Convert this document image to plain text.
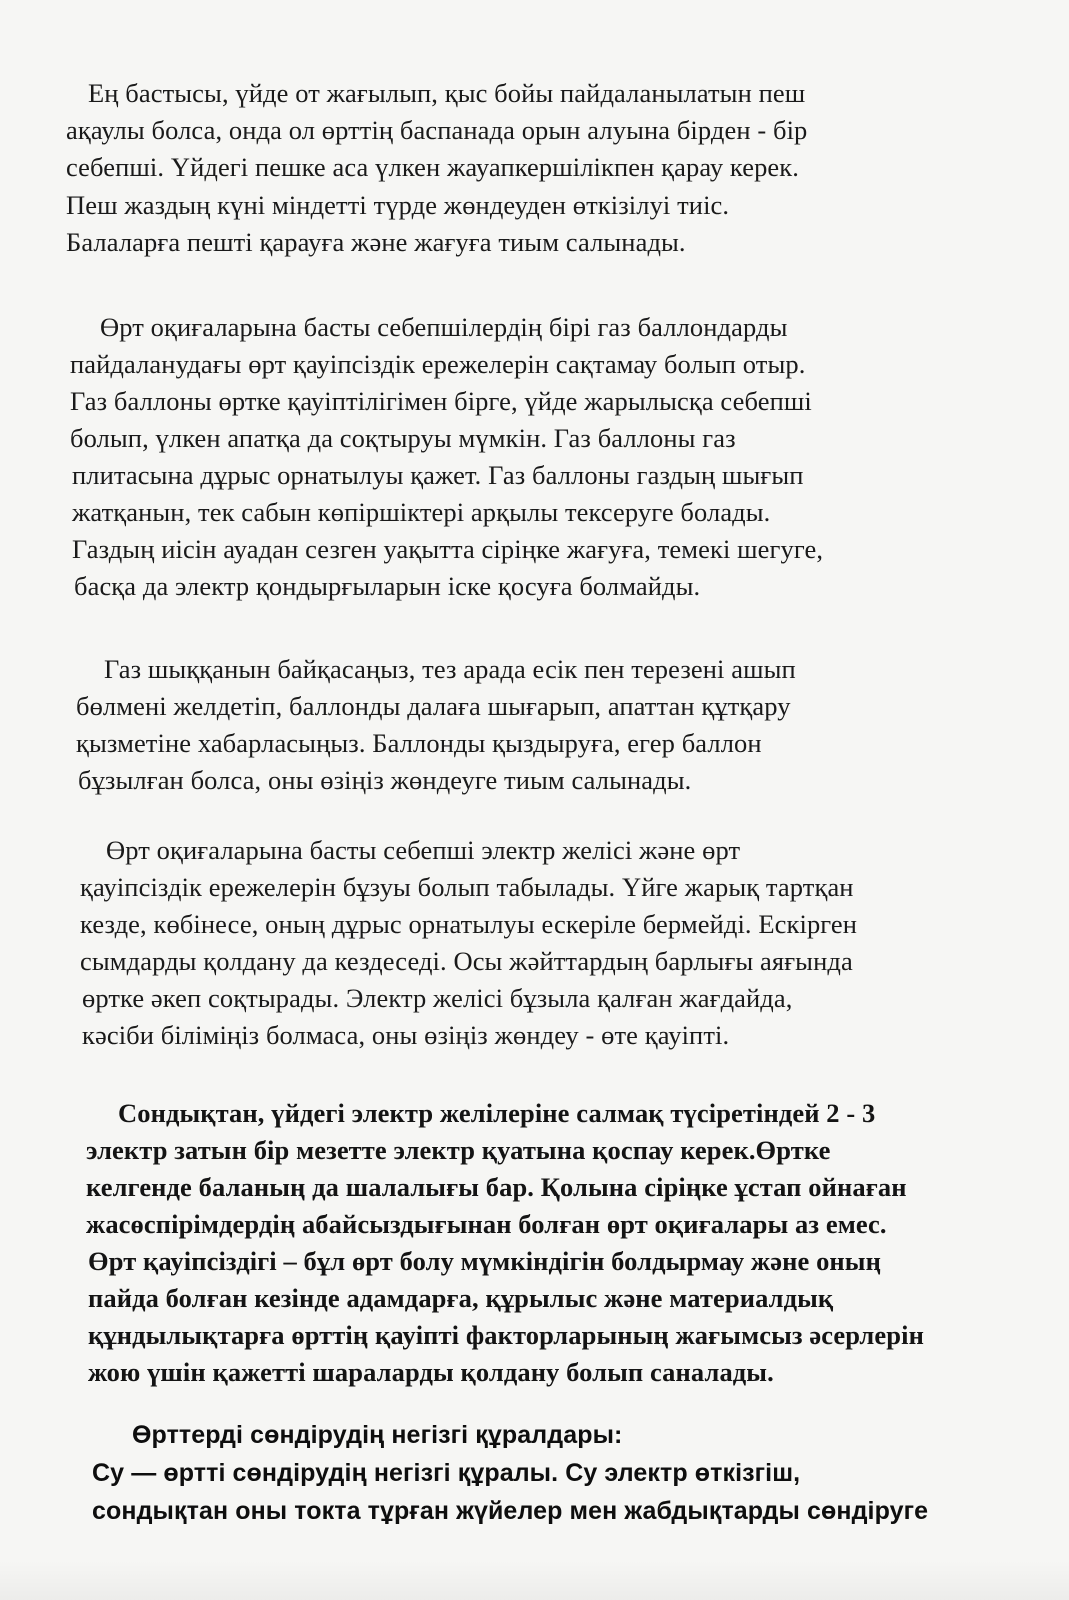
Ең бастысы, үйде от жағылып, қыс бойы пайдаланылатын пеш
ақаулы болса, онда ол өрттің баспанада орын алуына бірден - бір
себепші. Үйдегі пешке аса үлкен жауапкершілікпен қарау керек.
Пеш жаздың күні міндетті түрде жөндеуден өткізілуі тиіс.
Балаларға пешті қарауға және жағуға тиым салынады.
Өрт оқиғаларына басты себепшілердің бірі газ баллондарды
пайдаланудағы өрт қауіпсіздік ережелерін сақтамау болып отыр.
Газ баллоны өртке қауіптілігімен бірге, үйде жарылысқа себепші
болып, үлкен апатқа да соқтыруы мүмкін. Газ баллоны газ
плитасына дұрыс орнатылуы қажет. Газ баллоны газдың шығып
жатқанын, тек сабын көпіршіктері арқылы тексеруге болады.
Газдың иісін ауадан сезген уақытта сіріңке жағуға, темекі шегуге,
басқа да электр қондырғыларын іске қосуға болмайды.
Газ шыққанын байқасаңыз, тез арада есік пен терезені ашып
бөлмені желдетіп, баллонды далаға шығарып, апаттан құтқару
қызметіне хабарласыңыз. Баллонды қыздыруға, егер баллон
бұзылған болса, оны өзіңіз жөндеуге тиым салынады.
Өрт оқиғаларына басты себепші электр желісі және өрт
қауіпсіздік ережелерін бұзуы болып табылады. Үйге жарық тартқан
кезде, көбінесе, оның дұрыс орнатылуы ескеріле бермейді. Ескірген
сымдарды қолдану да кездеседі. Осы жәйттардың барлығы аяғында
өртке әкеп соқтырады. Электр желісі бұзыла қалған жағдайда,
кәсіби біліміңіз болмаса, оны өзіңіз жөндеу - өте қауіпті.
Сондықтан, үйдегі электр желілеріне салмақ түсіретіндей 2 - 3
электр затын бір мезетте электр қуатына қоспау керек.Өртке
келгенде баланың да шалалығы бар. Қолына сіріңке ұстап ойнаған
жасөспірімдердің абайсыздығынан болған өрт оқиғалары аз емес.
Өрт қауіпсіздігі – бұл өрт болу мүмкіндігін болдырмау және оның
пайда болған кезінде адамдарға, құрылыс және материалдық
құндылықтарға өрттің қауіпті факторларының жағымсыз әсерлерін
жою үшін қажетті шараларды қолдану болып саналады.
Өрттерді сөндірудің негізгі құралдары:
Су — өртті сөндірудің негізгі құралы. Су электр өткізгіш,
сондықтан оны токта тұрған жүйелер мен жабдықтарды сөндіруге
